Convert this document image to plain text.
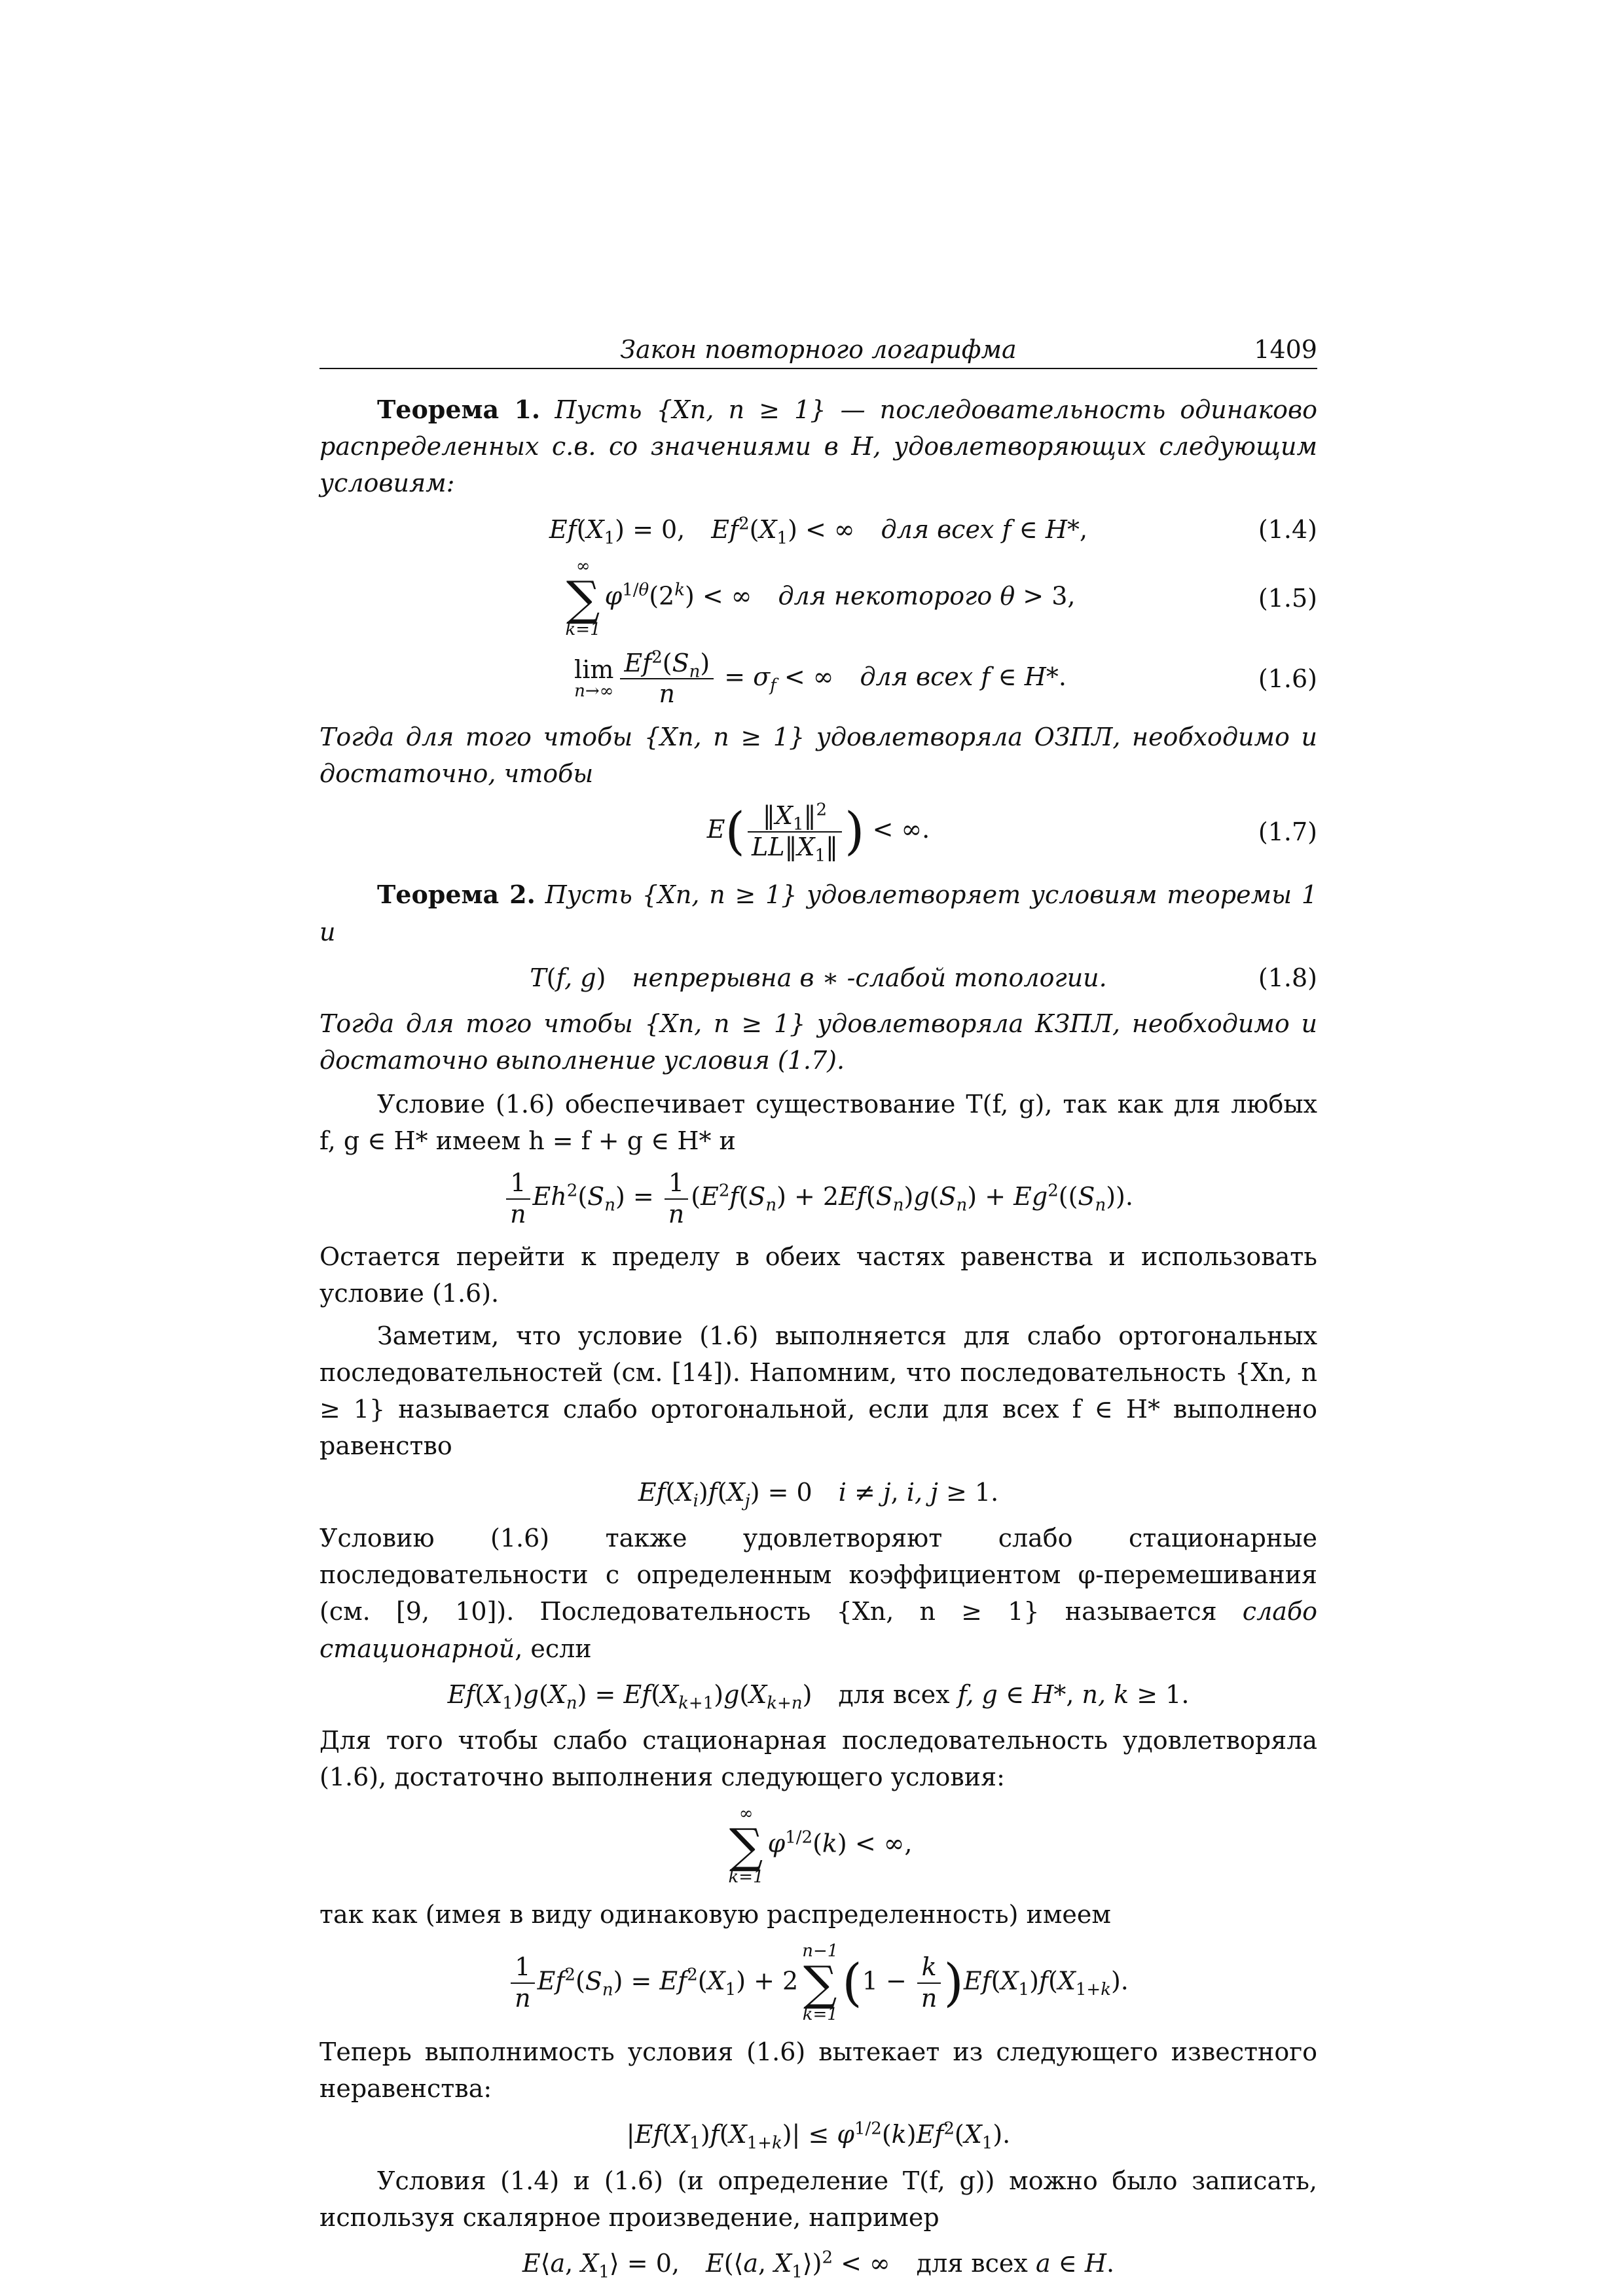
Закон повторного логарифма	1409

Теорема 1. Пусть {Xn, n ≥ 1} — последовательность одинаково распределенных с.в. со значениями в H, удовлетворяющих следующим условиям:

$Ef(X_1) = 0$, $Ef^2(X_1)$ < ∞ для всех f ∈ H*,	(1.4)
∞
∑
k=1
$\varphi^{1/\theta}(2^k)$ < ∞ для некоторого θ > 3,	(1.5)
lim
$n\to\infty \frac{Ef^2(S_n)}{n} = \sigma_f$ < ∞ для всех f ∈ H*.	(1.6)

Тогда для того чтобы {Xn, n ≥ 1} удовлетворяла ОЗПЛ, необходимо и достаточно, чтобы

$E( \frac{‖X_1‖^2}{LL‖X_1‖}$ ) < ∞.	(1.7)

Теорема 2. Пусть {Xn, n ≥ 1} удовлетворяет условиям теоремы 1 и

T(f, g) непрерывна в ∗ -слабой топологии.	(1.8)

Тогда для того чтобы {Xn, n ≥ 1} удовлетворяла КЗПЛ, необходимо и достаточно выполнение условия (1.7).

Условие (1.6) обеспечивает существование T(f, g), так как для любых f, g ∈ H* имеем h = f + g ∈ H* и

$\frac{1}{n} Eh^2(S_n) = \frac{1}{n} (E^2f(S_n) + 2Ef(S_n)g(S_n) + Eg^2((S_n))$.

Остается перейти к пределу в обеих частях равенства и использовать условие (1.6).

Заметим, что условие (1.6) выполняется для слабо ортогональных последовательностей (см. [14]). Напомним, что последовательность {Xn, n ≥ 1} называется слабо ортогональной, если для всех f ∈ H* выполнено равенство

$Ef(X_i)f(X_j) = 0$ i ≠ j, i, j ≥ 1.

Условию (1.6) также удовлетворяют слабо стационарные последовательности с определенным коэффициентом φ-перемешивания (см. [9, 10]). Последовательность {Xn, n ≥ 1} называется слабо стационарной, если

$Ef(X_1)g(X_n) = Ef(X_{k+1})g(X_{k+n})$ для всех f, g ∈ H*, n, k ≥ 1.

Для того чтобы слабо стационарная последовательность удовлетворяла (1.6), достаточно выполнения следующего условия:

∞
∑
k=1
$\varphi^{1/2}(k)$ < ∞,

так как (имея в виду одинаковую распределенность) имеем

$\frac{1}{n} Ef^2(S_n) = Ef^2(X_1) + 2$
n−1
∑
k=1
$(1 - \frac{k}{n} )Ef(X_1)f(X_{1+k})$.

Теперь выполнимость условия (1.6) вытекает из следующего известного неравенства:

$|Ef(X_1)f(X_{1+k})| \le \varphi^{1/2}(k)Ef^2(X_1)$.

Условия (1.4) и (1.6) (и определение T(f, g)) можно было записать, используя скалярное произведение, например

E⟨a, $X_1⟩ = 0$, E(⟨a, $X_1⟩)^2$ < ∞ для всех a ∈ H.
